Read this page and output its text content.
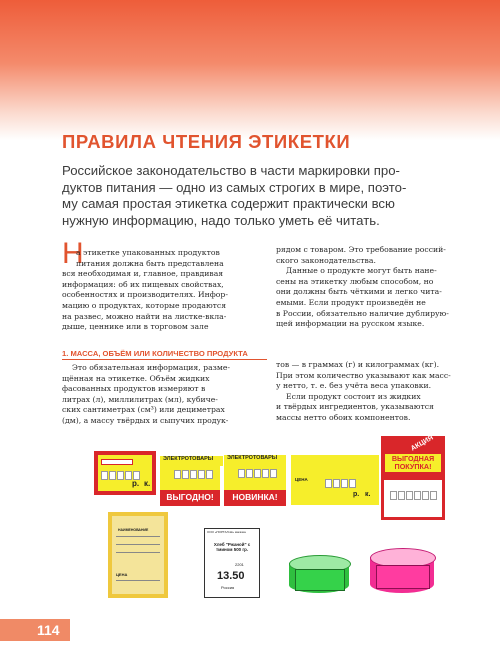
ПРАВИЛА ЧТЕНИЯ ЭТИКЕТКИ
Российское законодательство в части маркировки про-
дуктов питания — одно из самых строгих в мире, поэто-
му самая простая этикетка содержит практически всю
нужную информацию, надо только уметь её читать.
Н
а этикетке упакованных продуктов
питания должна быть представлена
вся необходимая и, главное, правдивая
информация: об их пищевых свойствах,
особенностях и производителях. Инфор-
мацию о продуктах, которые продаются
на развес, можно найти на листке-вкла-
дыше, ценнике или в торговом зале
рядом с товаром. Это требование россий-
ского законодательства.
Данные о продукте могут быть нане-
сены на этикетку любым способом, но
они должны быть чёткими и легко чита-
емыми. Если продукт произведён не
в России, обязательно наличие дублирую-
щей информации на русском языке.
1. МАССА, ОБЪЁМ ИЛИ КОЛИЧЕСТВО ПРОДУКТА
Это обязательная информация, разме-
щённая на этикетке. Объём жидких
фасованных продуктов измеряют в
литрах (л), миллилитрах (мл), кубиче-
ских сантиметрах (см³) или дециметрах
(дм), а массу твёрдых и сыпучих продук-
тов — в граммах (г) и килограммах (кг).
При этом количество указывают как масс-
у нетто, т. е. без учёта веса упаковки.
Если продукт состоит из жидких
и твёрдых ингредиентов, указываются
массы нетто обоих компонентов.
р. к.
ЭЛЕКТРОТОВАРЫ
ВЫГОДНО!
ЭЛЕКТРОТОВАРЫ
НОВИНКА!
ЦЕНА
р. к.
АКЦИЯ
ВЫГОДНАЯ ПОКУПКА!
НАИМЕНОВАНИЕ
ЦЕНА
ООО «ПОРТАЛ-Ш» магазин
Хлеб "Ржаной" с тмином 500 гр.
2201
13.50
Россия
114
